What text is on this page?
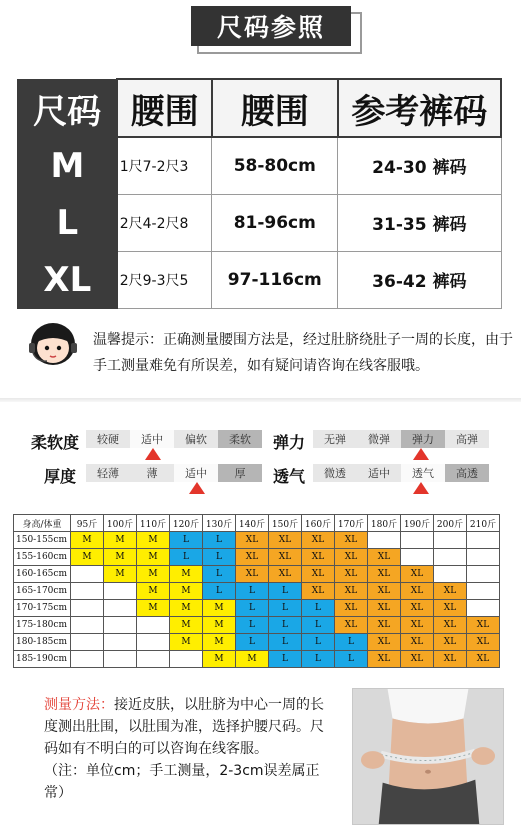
尺码参照
尺码	腰围	腰围	参考裤码
M	1尺7-2尺3	58-80cm	24-30 裤码
L	2尺4-2尺8	81-96cm	31-35 裤码
XL	2尺9-3尺5	97-116cm	36-42 裤码
温馨提示：正确测量腰围方法是，经过肚脐绕肚子一周的长度，由于手工测量难免有所误差，如有疑问请咨询在线客服哦。
柔软度	较硬	适中	偏软	柔软	弹力	无弹	微弹	弹力	高弹
厚度	轻薄	薄	适中	厚	透气	微透	适中	透气	高透
身高/体重	95斤	100斤	110斤	120斤	130斤	140斤	150斤	160斤	170斤	180斤	190斤	200斤	210斤
150-155cm	M	M	M	L	L	XL	XL	XL	XL				
155-160cm	M	M	M	L	L	XL	XL	XL	XL	XL			
160-165cm		M	M	M	L	XL	XL	XL	XL	XL	XL		
165-170cm			M	M	L	L	L	XL	XL	XL	XL	XL	
170-175cm			M	M	M	L	L	L	XL	XL	XL	XL	
175-180cm				M	M	L	L	L	XL	XL	XL	XL	XL
180-185cm				M	M	L	L	L	L	XL	XL	XL	XL
185-190cm					M	M	L	L	L	XL	XL	XL	XL
测量方法：接近皮肤，以肚脐为中心一周的长度测出肚围，以肚围为准，选择护腰尺码。尺码如有不明白的可以咨询在线客服。
（注：单位cm；手工测量，2-3cm误差属正常）
